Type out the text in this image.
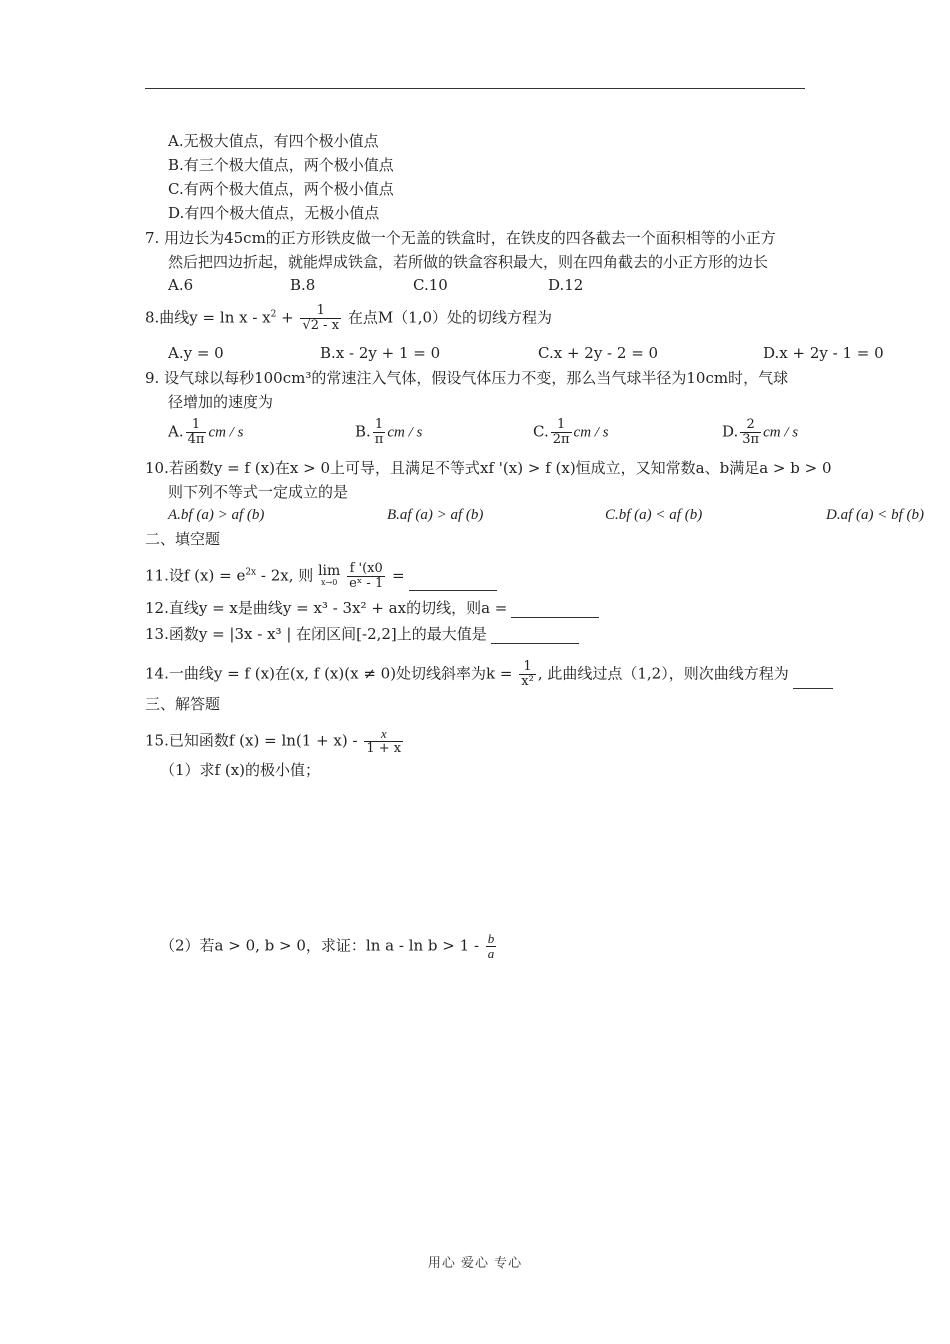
A.无极大值点，有四个极小值点
B.有三个极大值点，两个极小值点
C.有两个极大值点，两个极小值点
D.有四个极大值点，无极小值点
7. 用边长为45cm的正方形铁皮做一个无盖的铁盒时，在铁皮的四各截去一个面积相等的小正方
然后把四边折起，就能焊成铁盒，若所做的铁盒容积最大，则在四角截去的小正方形的边长
A.6	B.8	C.10	D.12
8.曲线$y = \ln x - x^2 + \frac{1}{√2 - x}$ 在点M（1,0）处的切线方程为
A.y = 0	B.x - 2y + 1 = 0	C.x + 2y - 2 = 0	D.x + 2y - 1 = 0
9. 设气球以每秒100cm³的常速注入气体，假设气体压力不变，那么当气球半径为10cm时，气球
径增加的速度为
A. $\frac{1}{4\pi}$ cm / s	B. $\frac{1}{\pi}$ cm / s	C. $\frac{1}{2\pi}$ cm / s	D. $\frac{2}{3\pi}$ cm / s
10.若函数y = f (x)在x > 0上可导，且满足不等式xf '(x) > f (x)恒成立，又知常数a、b满足a > b > 0
则下列不等式一定成立的是
A.bf (a) > af (b)	B.af (a) > af (b)	C.bf (a) < af (b)	D.af (a) < bf (b)
二、填空题
11.设f $(x) = e^{2x} - 2x$, 则 lim
x→0
$\frac{f '(x0}{\text{eˣ - 1}}$ =
12.直线y = x是曲线y = x³ - 3x² + ax的切线，则a =
13.函数y = |3x - x³ | 在闭区间[-2,2]上的最大值是
14.一曲线y = f (x)在(x, f (x)(x ≠ 0)处切线斜率为$k = \frac{1}{\text{x²}}$ , 此曲线过点（1,2），则次曲线方程为
三、解答题
15.已知函数f $(x) = \ln(1 + x) - \frac{x}{1 + x}$
（1）求f (x)的极小值；
（2）若a > 0, b > 0，求证：$\ln a - \ln b > 1 - \frac{b}{a}$
用心 爱心 专心
